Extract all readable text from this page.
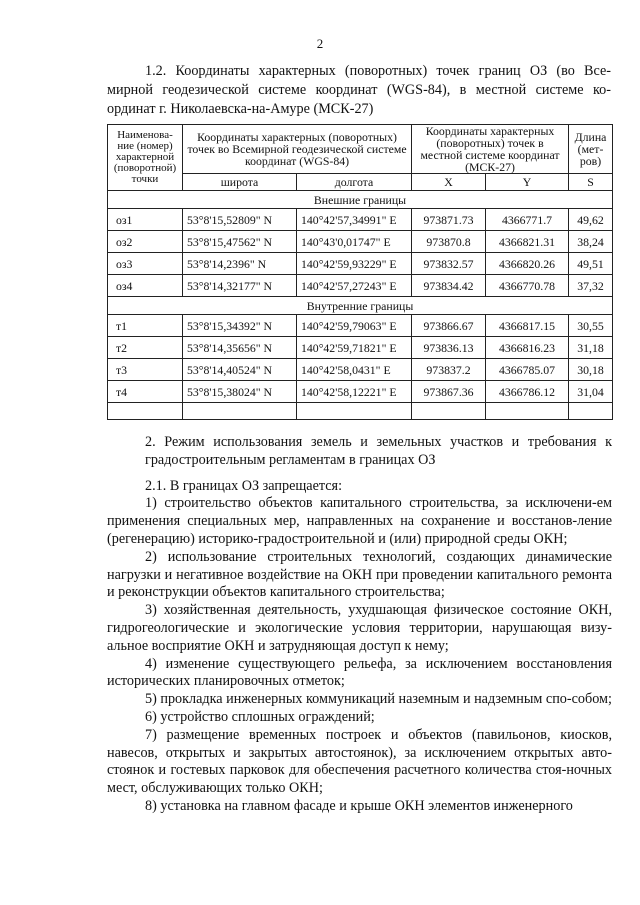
2
1.2. Координаты характерных (поворотных) точек границ ОЗ (во Все-
мирной геодезической системе координат (WGS-84), в местной системе ко-
ординат г. Николаевска-на-Амуре (МСК-27)
Наименова-ние (номер) характерной (поворотной) точки	Координаты характерных (поворотных) точек во Всемирной геодезической системе координат (WGS-84)		Координаты характерных (поворотных) точек в местной системе координат (МСК-27)		Длина (мет-ров)
	широта	долгота	X	Y	S
Внешние границы					
оз1	53°8'15,52809" N	140°42'57,34991" E	973871.73	4366771.7	49,62
оз2	53°8'15,47562" N	140°43'0,01747" E	973870.8	4366821.31	38,24
оз3	53°8'14,2396" N	140°42'59,93229" E	973832.57	4366820.26	49,51
оз4	53°8'14,32177" N	140°42'57,27243" E	973834.42	4366770.78	37,32
Внутренние границы					
т1	53°8'15,34392" N	140°42'59,79063" E	973866.67	4366817.15	30,55
т2	53°8'14,35656" N	140°42'59,71821" E	973836.13	4366816.23	31,18
т3	53°8'14,40524" N	140°42'58,0431" E	973837.2	4366785.07	30,18
т4	53°8'15,38024" N	140°42'58,12221" E	973867.36	4366786.12	31,04

2. Режим использования земель и земельных участков и требования к градостроительным регламентам в границах ОЗ

2.1. В границах ОЗ запрещается:

1) строительство объектов капитального строительства, за исключени-ем применения специальных мер, направленных на сохранение и восстанов-ление (регенерацию) историко-градостроительной и (или) природной среды ОКН;

2) использование строительных технологий, создающих динамические нагрузки и негативное воздействие на ОКН при проведении капитального ремонта и реконструкции объектов капитального строительства;

3) хозяйственная деятельность, ухудшающая физическое состояние ОКН, гидрогеологические и экологические условия территории, нарушающая визу-альное восприятие ОКН и затрудняющая доступ к нему;

4) изменение существующего рельефа, за исключением восстановления исторических планировочных отметок;

5) прокладка инженерных коммуникаций наземным и надземным спо-собом;

6) устройство сплошных ограждений;

7) размещение временных построек и объектов (павильонов, киосков, навесов, открытых и закрытых автостоянок), за исключением открытых авто-стоянок и гостевых парковок для обеспечения расчетного количества стоя-ночных мест, обслуживающих только ОКН;

8) установка на главном фасаде и крыше ОКН элементов инженерного
